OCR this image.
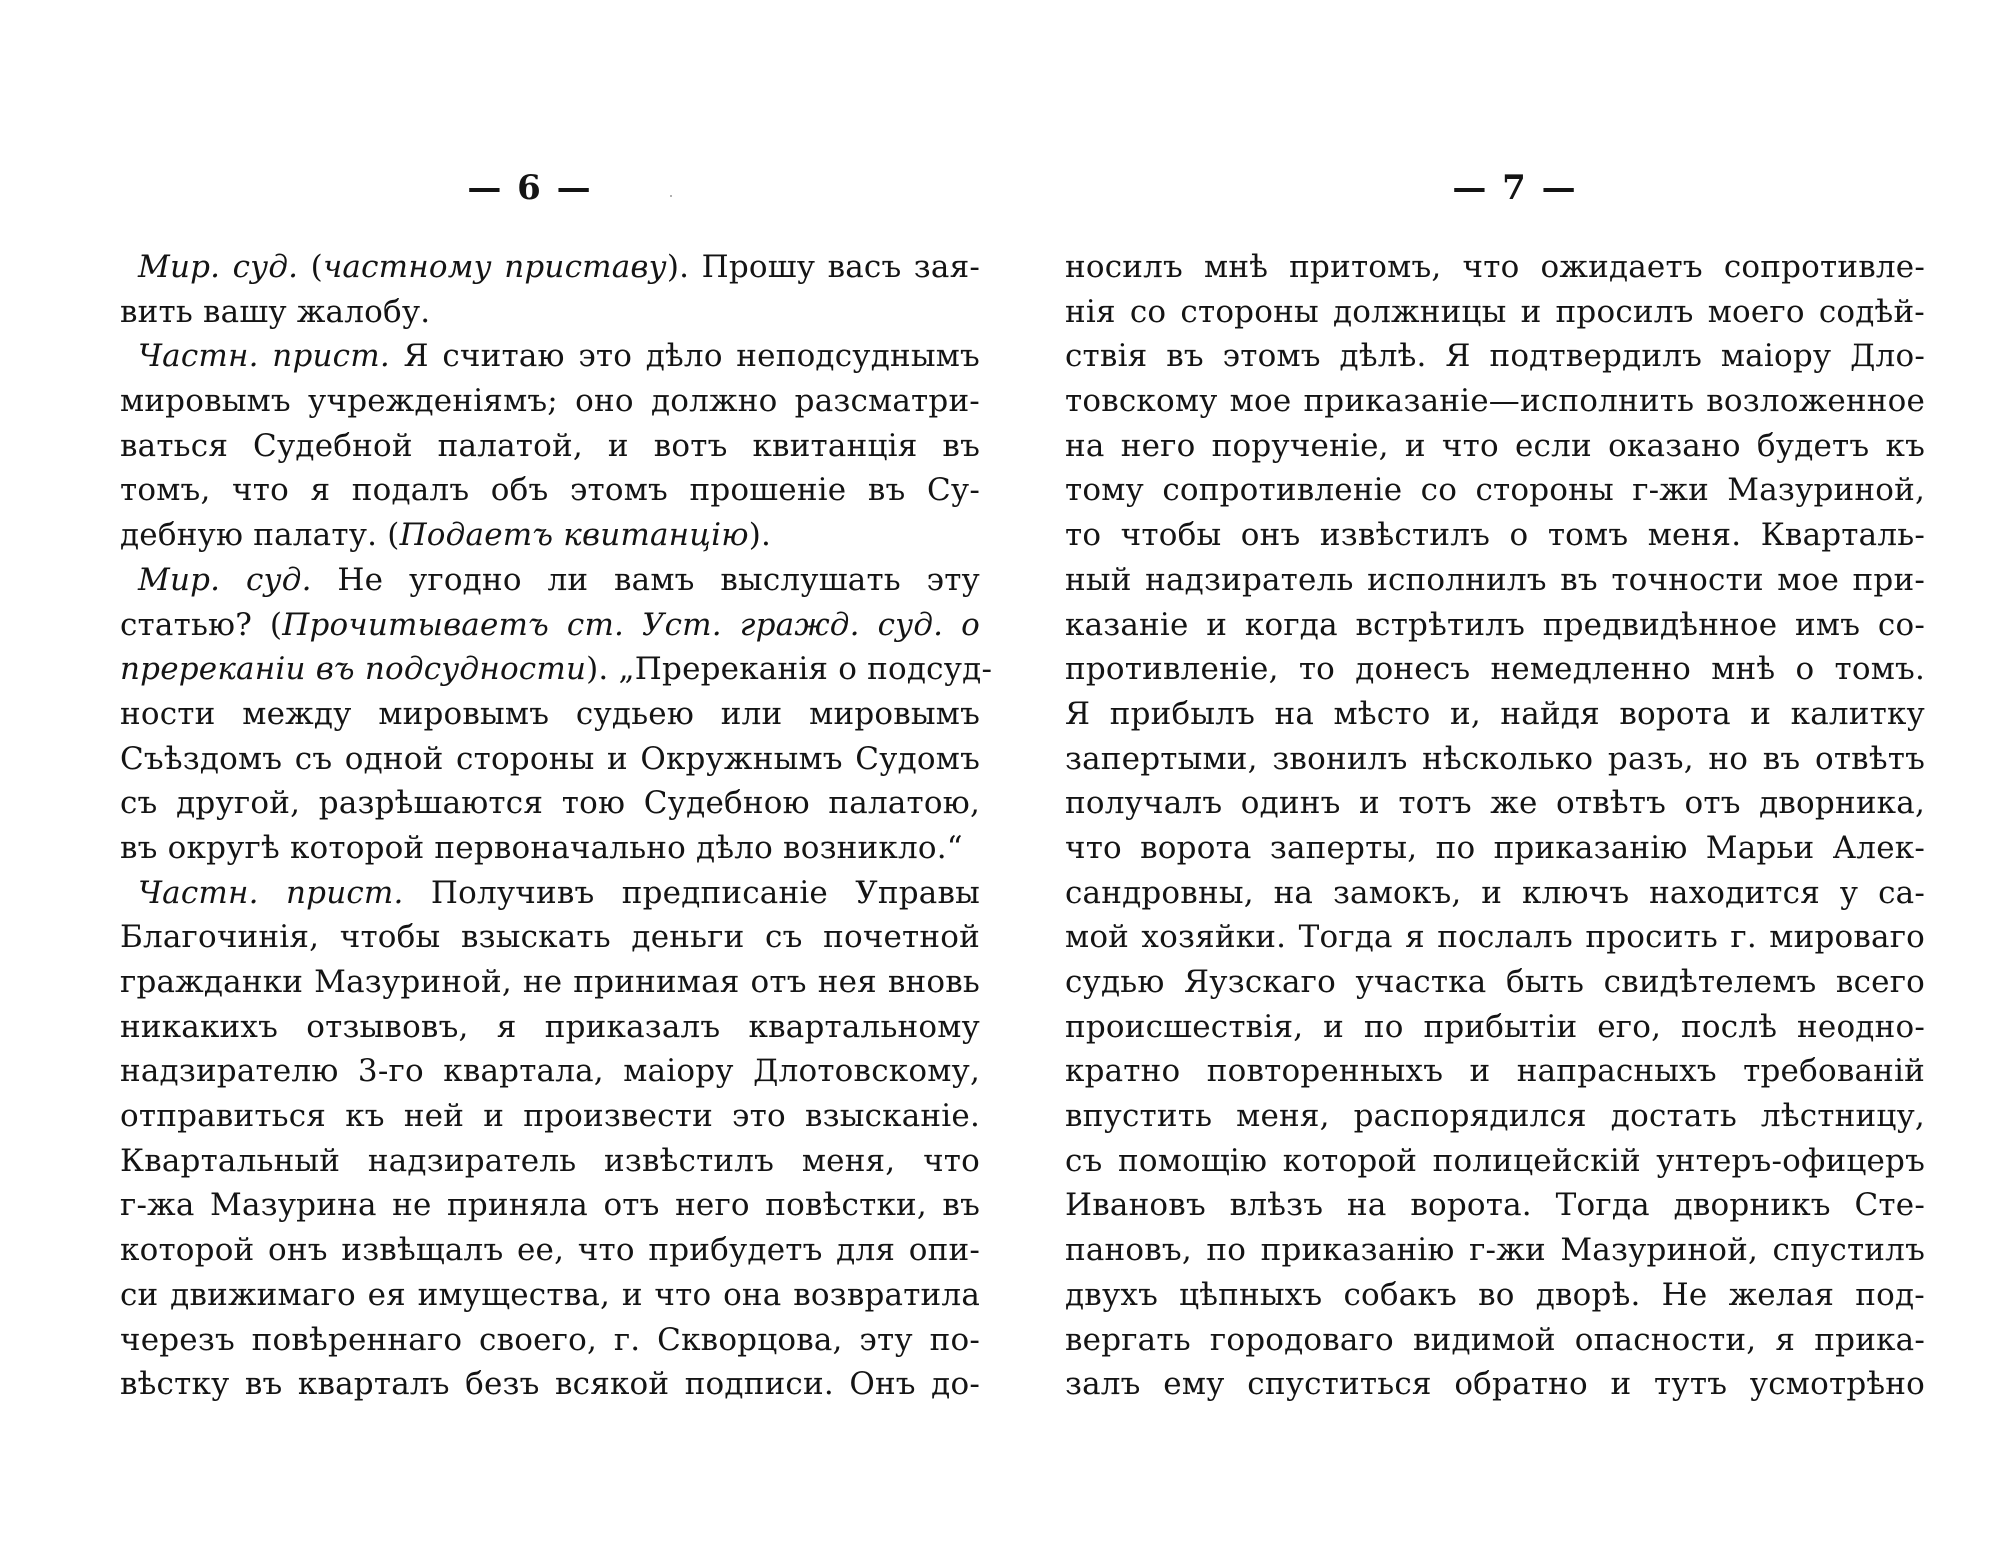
— 6 —
Мир. суд. (частному приставу). Прошу васъ зая-
вить вашу жалобу.
Частн. прист. Я считаю это дѣло неподсуднымъ
мировымъ учрежденіямъ; оно должно разсматри-
ваться Судебной палатой, и вотъ квитанція въ
томъ, что я подалъ объ этомъ прошеніе въ Су-
дебную палату. (Подаетъ квитанцію).
Мир. суд. Не угодно ли вамъ выслушать эту
статью? (Прочитываетъ ст. Уст. гражд. суд. о
пререканіи въ подсудности). „Пререканія о подсуд-
ности между мировымъ судьею или мировымъ
Съѣздомъ съ одной стороны и Окружнымъ Судомъ
съ другой, разрѣшаются тою Судебною палатою,
въ округѣ которой первоначально дѣло возникло.“
Частн. прист. Получивъ предписаніе Управы
Благочинія, чтобы взыскать деньги съ почетной
гражданки Мазуриной, не принимая отъ нея вновь
никакихъ отзывовъ, я приказалъ квартальному
надзирателю 3-го квартала, маіору Длотовскому,
отправиться къ ней и произвести это взысканіе.
Квартальный надзиратель извѣстилъ меня, что
г-жа Мазурина не приняла отъ него повѣстки, въ
которой онъ извѣщалъ ее, что прибудетъ для опи-
си движимаго ея имущества, и что она возвратила
черезъ повѣреннаго своего, г. Скворцова, эту по-
вѣстку въ кварталъ безъ всякой подписи. Онъ до-
— 7 —
носилъ мнѣ притомъ, что ожидаетъ сопротивле-
нія со стороны должницы и просилъ моего содѣй-
ствія въ этомъ дѣлѣ. Я подтвердилъ маіору Дло-
товскому мое приказаніе—исполнить возложенное
на него порученіе, и что если оказано будетъ къ
тому сопротивленіе со стороны г-жи Мазуриной,
то чтобы онъ извѣстилъ о томъ меня. Кварталь-
ный надзиратель исполнилъ въ точности мое при-
казаніе и когда встрѣтилъ предвидѣнное имъ со-
противленіе, то донесъ немедленно мнѣ о томъ.
Я прибылъ на мѣсто и, найдя ворота и калитку
запертыми, звонилъ нѣсколько разъ, но въ отвѣтъ
получалъ одинъ и тотъ же отвѣтъ отъ дворника,
что ворота заперты, по приказанію Марьи Алек-
сандровны, на замокъ, и ключъ находится у са-
мой хозяйки. Тогда я послалъ просить г. мироваго
судью Яузскаго участка быть свидѣтелемъ всего
происшествія, и по прибытіи его, послѣ неодно-
кратно повторенныхъ и напрасныхъ требованій
впустить меня, распорядился достать лѣстницу,
съ помощію которой полицейскій унтеръ-офицеръ
Ивановъ влѣзъ на ворота. Тогда дворникъ Сте-
пановъ, по приказанію г-жи Мазуриной, спустилъ
двухъ цѣпныхъ собакъ во дворѣ. Не желая под-
вергать городоваго видимой опасности, я прика-
залъ ему спуститься обратно и тутъ усмотрѣно
